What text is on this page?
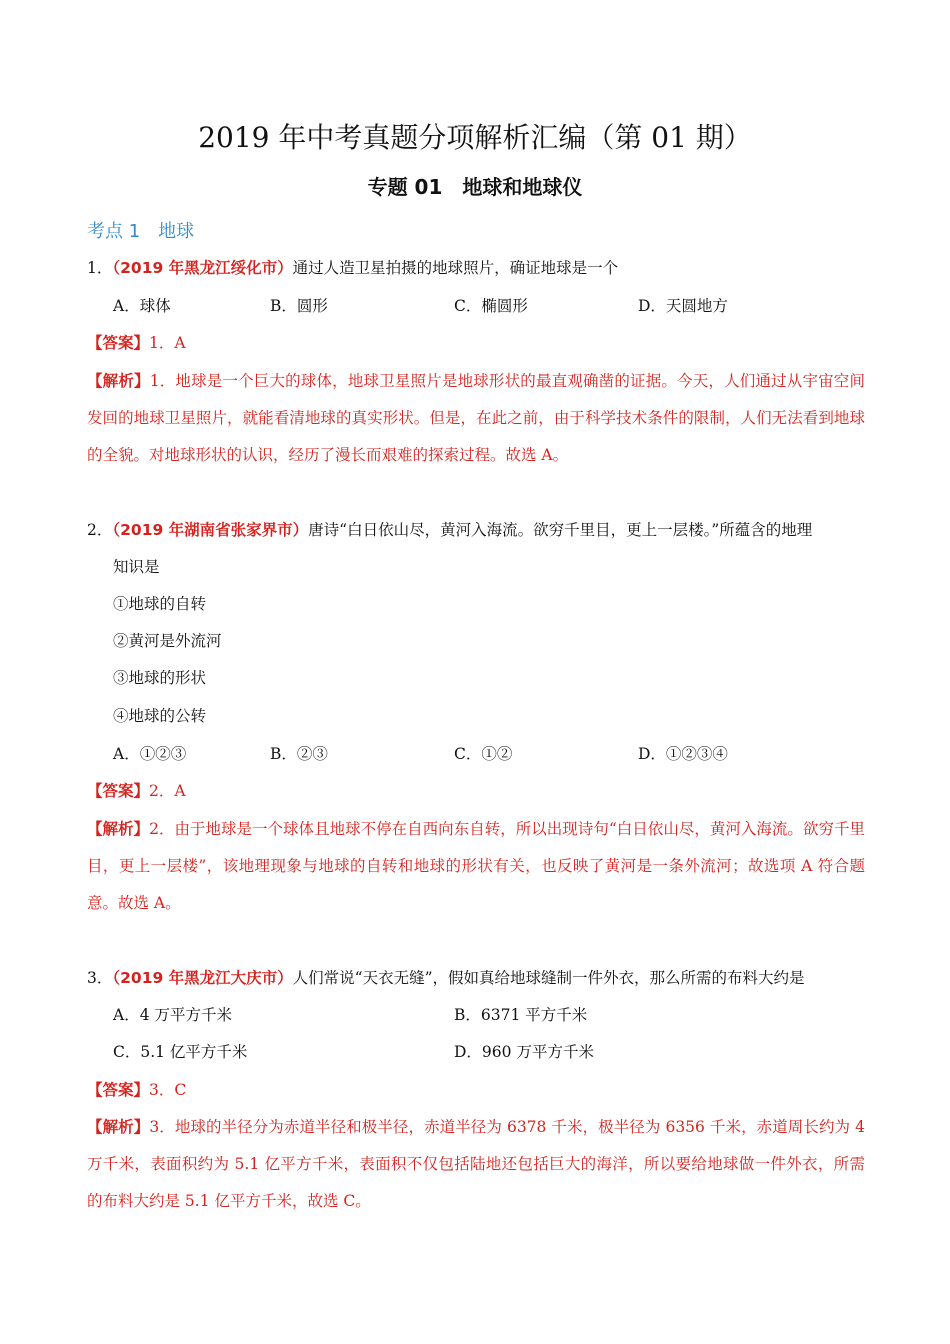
2019 年中考真题分项解析汇编（第 01 期）
专题 01　地球和地球仪
考点 1　地球
1．（2019 年黑龙江绥化市）通过人造卫星拍摄的地球照片，确证地球是一个
A．球体	B．圆形	C．椭圆形	D．天圆地方
【答案】1．A
【解析】1．地球是一个巨大的球体，地球卫星照片是地球形状的最直观确凿的证据。今天，人们通过从宇宙空间发回的地球卫星照片，就能看清地球的真实形状。但是，在此之前，由于科学技术条件的限制，人们无法看到地球的全貌。对地球形状的认识，经历了漫长而艰难的探索过程。故选 A。
2．（2019 年湖南省张家界市）唐诗“白日依山尽，黄河入海流。欲穷千里目，更上一层楼。”所蕴含的地理
知识是
①地球的自转
②黄河是外流河
③地球的形状
④地球的公转
A．①②③	B．②③	C．①②	D．①②③④
【答案】2．A
【解析】2．由于地球是一个球体且地球不停在自西向东自转，所以出现诗句“白日依山尽，黄河入海流。欲穷千里目，更上一层楼”，该地理现象与地球的自转和地球的形状有关，也反映了黄河是一条外流河；故选项 A 符合题意。故选 A。
3．（2019 年黑龙江大庆市）人们常说“天衣无缝”，假如真给地球缝制一件外衣，那么所需的布料大约是
A．4 万平方千米	B．6371 平方千米
C．5.1 亿平方千米	D．960 万平方千米
【答案】3．C
【解析】3．地球的半径分为赤道半径和极半径，赤道半径为 6378 千米，极半径为 6356 千米，赤道周长约为 4 万千米，表面积约为 5.1 亿平方千米，表面积不仅包括陆地还包括巨大的海洋，所以要给地球做一件外衣，所需的布料大约是 5.1 亿平方千米，故选 C。
